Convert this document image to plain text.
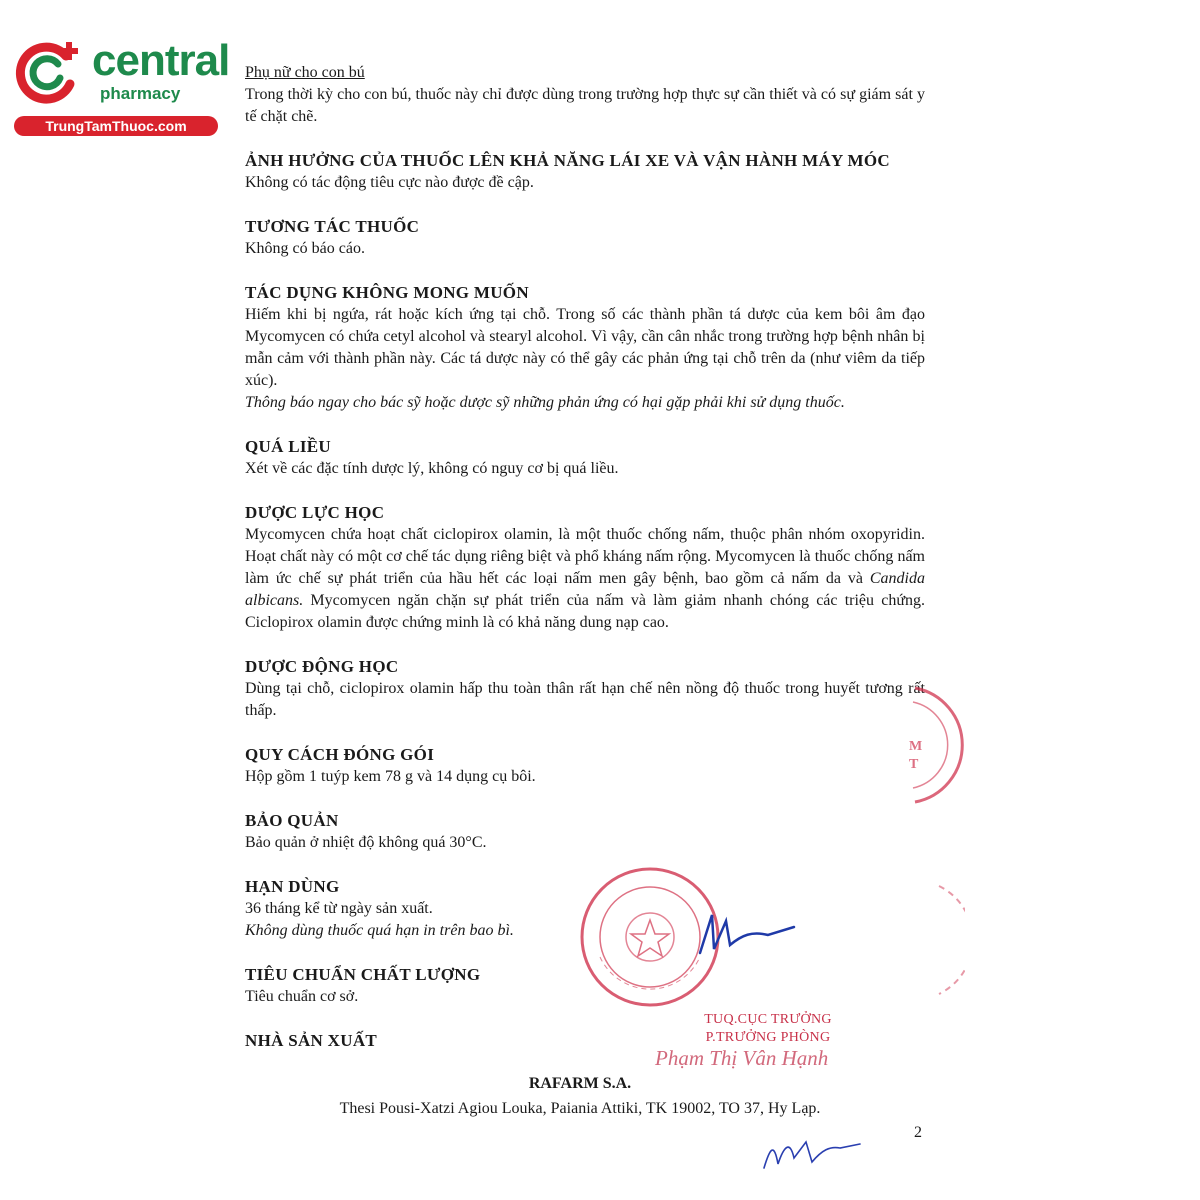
central
pharmacy
TrungTamThuoc.com

Phụ nữ cho con bú

Trong thời kỳ cho con bú, thuốc này chỉ được dùng trong trường hợp thực sự cần thiết và có sự giám sát y tế chặt chẽ.

ẢNH HƯỞNG CỦA THUỐC LÊN KHẢ NĂNG LÁI XE VÀ VẬN HÀNH MÁY MÓC

Không có tác động tiêu cực nào được đề cập.

TƯƠNG TÁC THUỐC

Không có báo cáo.

TÁC DỤNG KHÔNG MONG MUỐN

Hiếm khi bị ngứa, rát hoặc kích ứng tại chỗ. Trong số các thành phần tá dược của kem bôi âm đạo Mycomycen có chứa cetyl alcohol và stearyl alcohol. Vì vậy, cần cân nhắc trong trường hợp bệnh nhân bị mẫn cảm với thành phần này. Các tá dược này có thể gây các phản ứng tại chỗ trên da (như viêm da tiếp xúc).

Thông báo ngay cho bác sỹ hoặc dược sỹ những phản ứng có hại gặp phải khi sử dụng thuốc.

QUÁ LIỀU

Xét về các đặc tính dược lý, không có nguy cơ bị quá liều.

DƯỢC LỰC HỌC

Mycomycen chứa hoạt chất ciclopirox olamin, là một thuốc chống nấm, thuộc phân nhóm oxopyridin. Hoạt chất này có một cơ chế tác dụng riêng biệt và phổ kháng nấm rộng. Mycomycen là thuốc chống nấm làm ức chế sự phát triển của hầu hết các loại nấm men gây bệnh, bao gồm cả nấm da và Candida albicans. Mycomycen ngăn chặn sự phát triển của nấm và làm giảm nhanh chóng các triệu chứng. Ciclopirox olamin được chứng minh là có khả năng dung nạp cao.

DƯỢC ĐỘNG HỌC

Dùng tại chỗ, ciclopirox olamin hấp thu toàn thân rất hạn chế nên nồng độ thuốc trong huyết tương rất thấp.

QUY CÁCH ĐÓNG GÓI

Hộp gồm 1 tuýp kem 78 g và 14 dụng cụ bôi.

BẢO QUẢN

Bảo quản ở nhiệt độ không quá 30°C.

HẠN DÙNG

36 tháng kể từ ngày sản xuất.

Không dùng thuốc quá hạn in trên bao bì.

TIÊU CHUẨN CHẤT LƯỢNG

Tiêu chuẩn cơ sở.

NHÀ SẢN XUẤT

RAFARM S.A.
Thesi Pousi-Xatzi Agiou Louka, Paiania Attiki, TK 19002, TO 37, Hy Lạp.
2
M
T
TUQ.CỤC TRƯỞNG
P.TRƯỞNG PHÒNG
Phạm Thị Vân Hạnh
